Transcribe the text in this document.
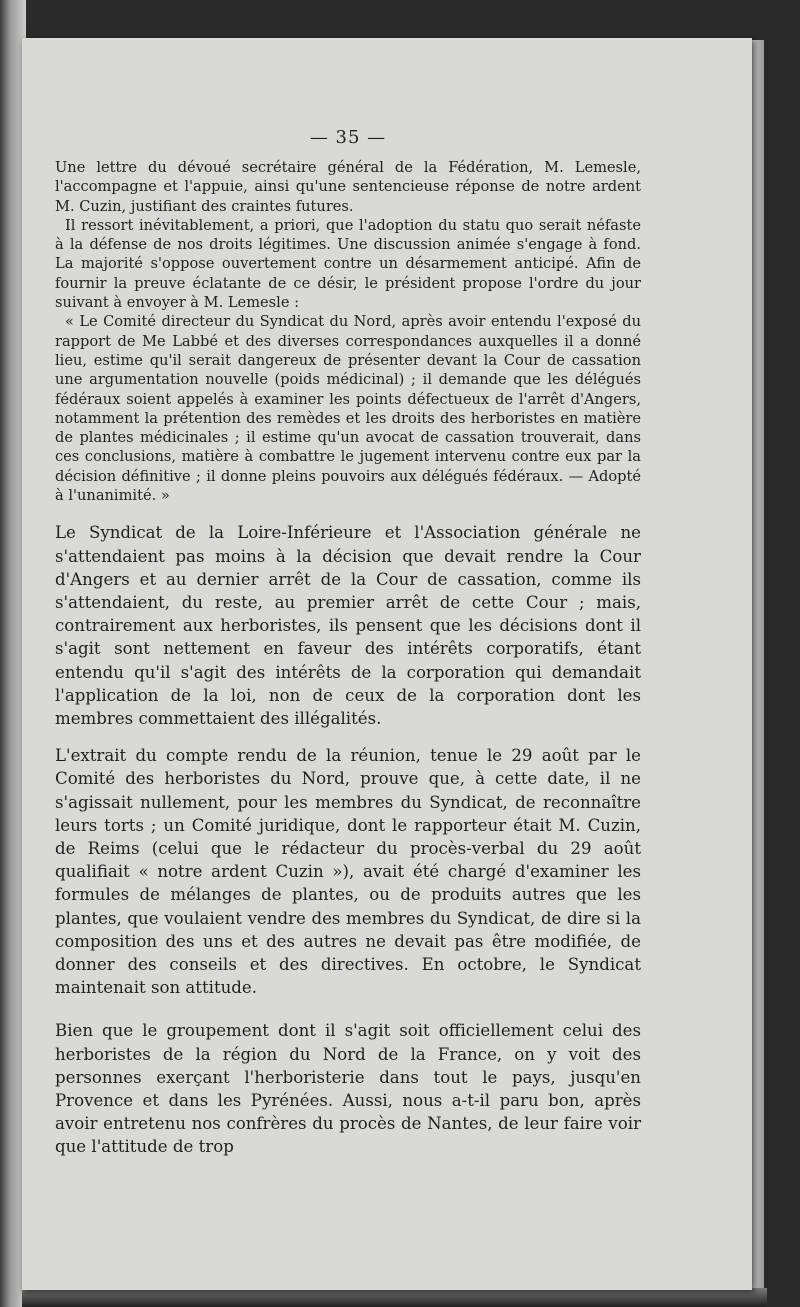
— 35 —

Une lettre du dévoué secrétaire général de la Fédération, M. Lemesle, l'accompagne et l'appuie, ainsi qu'une sentencieuse réponse de notre ardent M. Cuzin, justifiant des craintes futures.

Il ressort inévitablement, a priori, que l'adoption du statu quo serait néfaste à la défense de nos droits légitimes. Une discussion animée s'engage à fond. La majorité s'oppose ouvertement contre un désarmement anticipé. Afin de fournir la preuve éclatante de ce désir, le président propose l'ordre du jour suivant à envoyer à M. Lemesle :

« Le Comité directeur du Syndicat du Nord, après avoir entendu l'exposé du rapport de Me Labbé et des diverses correspondances auxquelles il a donné lieu, estime qu'il serait dangereux de présenter devant la Cour de cassation une argumentation nouvelle (poids médicinal) ; il demande que les délégués fédéraux soient appelés à examiner les points défectueux de l'arrêt d'Angers, notamment la prétention des remèdes et les droits des herboristes en matière de plantes médicinales ; il estime qu'un avocat de cassation trouverait, dans ces conclusions, matière à combattre le jugement intervenu contre eux par la décision définitive ; il donne pleins pouvoirs aux délégués fédéraux. — Adopté à l'unanimité. »

Le Syndicat de la Loire-Inférieure et l'Association générale ne s'attendaient pas moins à la décision que devait rendre la Cour d'Angers et au dernier arrêt de la Cour de cassation, comme ils s'attendaient, du reste, au premier arrêt de cette Cour ; mais, contrairement aux herboristes, ils pensent que les décisions dont il s'agit sont nettement en faveur des intérêts corporatifs, étant entendu qu'il s'agit des intérêts de la corporation qui demandait l'application de la loi, non de ceux de la corporation dont les membres commettaient des illégalités.

L'extrait du compte rendu de la réunion, tenue le 29 août par le Comité des herboristes du Nord, prouve que, à cette date, il ne s'agissait nullement, pour les membres du Syndicat, de reconnaître leurs torts ; un Comité juridique, dont le rapporteur était M. Cuzin, de Reims (celui que le rédacteur du procès-verbal du 29 août qualifiait « notre ardent Cuzin »), avait été chargé d'examiner les formules de mélanges de plantes, ou de produits autres que les plantes, que voulaient vendre des membres du Syndicat, de dire si la composition des uns et des autres ne devait pas être modifiée, de donner des conseils et des directives. En octobre, le Syndicat maintenait son attitude.

Bien que le groupement dont il s'agit soit officiellement celui des herboristes de la région du Nord de la France, on y voit des personnes exerçant l'herboristerie dans tout le pays, jusqu'en Provence et dans les Pyrénées. Aussi, nous a-t-il paru bon, après avoir entretenu nos confrères du procès de Nantes, de leur faire voir que l'attitude de trop
